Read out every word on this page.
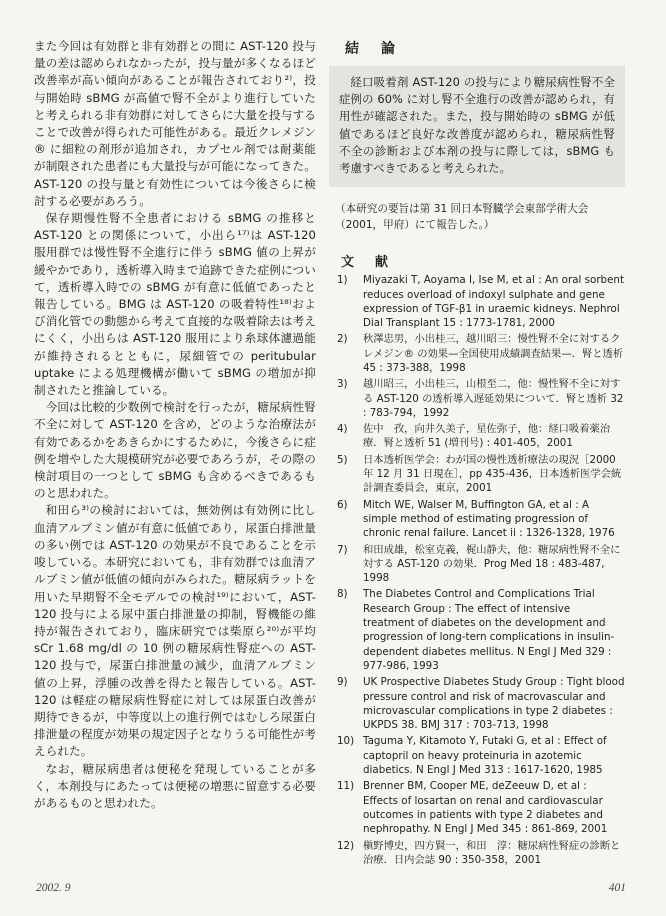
また今回は有効群と非有効群との間に AST-120 投与量の差は認められなかったが，投与量が多くなるほど改善率が高い傾向があることが報告されており²⁾，投与開始時 sBMG が高値で腎不全がより進行していたと考えられる非有効群に対してさらに大量を投与することで改善が得られた可能性がある。最近クレメジン® に細粒の剤形が追加され，カプセル剤では耐薬能が制限された患者にも大量投与が可能になってきた。AST-120 の投与量と有効性については今後さらに検討する必要があろう。

保存期慢性腎不全患者における sBMG の推移と AST-120 との関係について，小出ら¹⁷⁾は AST-120 服用群では慢性腎不全進行に伴う sBMG 値の上昇が緩やかであり，透析導入時まで追跡できた症例について，透析導入時での sBMG が有意に低値であったと報告している。BMG は AST-120 の吸着特性¹⁸⁾および消化管での動態から考えて直接的な吸着除去は考えにくく，小出らは AST-120 服用により糸球体濾過能が維持されるとともに，尿細管での peritubular uptake による処理機構が働いて sBMG の増加が抑制されたと推論している。

今回は比較的少数例で検討を行ったが，糖尿病性腎不全に対して AST-120 を含め，どのような治療法が有効であるかをあきらかにするために，今後さらに症例を増やした大規模研究が必要であろうが，その際の検討項目の一つとして sBMG も含めるべきであるものと思われた。

和田ら³⁾の検討においては，無効例は有効例に比し血清アルブミン値が有意に低値であり，尿蛋白排泄量の多い例では AST-120 の効果が不良であることを示唆している。本研究においても，非有効群では血清アルブミン値が低値の傾向がみられた。糖尿病ラットを用いた早期腎不全モデルでの検討¹⁹⁾において，AST-120 投与による尿中蛋白排泄量の抑制，腎機能の維持が報告されており，臨床研究では柴原ら²⁰⁾が平均 sCr 1.68 mg/dl の 10 例の糖尿病性腎症への AST-120 投与で，尿蛋白排泄量の減少，血清アルブミン値の上昇，浮腫の改善を得たと報告している。AST-120 は軽症の糖尿病性腎症に対しては尿蛋白改善が期待できるが，中等度以上の進行例ではむしろ尿蛋白排泄量の程度が効果の規定因子となりうる可能性が考えられた。

なお，糖尿病患者は便秘を発現していることが多く，本剤投与にあたっては便秘の増悪に留意する必要があるものと思われた。

結　論

経口吸着剤 AST-120 の投与により糖尿病性腎不全症例の 60% に対し腎不全進行の改善が認められ，有用性が確認された。また，投与開始時の sBMG が低値であるほど良好な改善度が認められ，糖尿病性腎不全の診断および本剤の投与に際しては，sBMG も考慮すべきであると考えられた。

（本研究の要旨は第 31 回日本腎臓学会東部学術大会（2001，甲府）にて報告した。）

文　献
1)	Miyazaki T, Aoyama I, Ise M, et al : An oral sorbent reduces overload of indoxyl sulphate and gene expression of TGF-β1 in uraemic kidneys. Nephrol Dial Transplant 15 : 1773-1781, 2000
2)	秋澤忠男，小出桂三，越川昭三：慢性腎不全に対するクレメジン® の効果—全国使用成績調査結果—．腎と透析 45 : 373-388，1998
3)	越川昭三，小出桂三，山根至二，他：慢性腎不全に対する AST-120 の透析導入遅延効果について．腎と透析 32 : 783-794，1992
4)	佐中　孜，向井久美子，星佐弥子，他：経口吸着薬治療．腎と透析 51 (増刊号) : 401-405，2001
5)	日本透析医学会：わが国の慢性透析療法の現況［2000 年 12 月 31 日現在］，pp 435-436，日本透析医学会統計調査委員会，東京，2001
6)	Mitch WE, Walser M, Buffington GA, et al : A simple method of estimating progression of chronic renal failure. Lancet ii : 1326-1328, 1976
7)	和田成雄，松室克義，梶山静夫，他：糖尿病性腎不全に対する AST-120 の効果．Prog Med 18 : 483-487, 1998
8)	The Diabetes Control and Complications Trial Research Group : The effect of intensive treatment of diabetes on the development and progression of long-tern complications in insulin-dependent diabetes mellitus. N Engl J Med 329 : 977-986, 1993
9)	UK Prospective Diabetes Study Group : Tight blood pressure control and risk of macrovascular and microvascular complications in type 2 diabetes : UKPDS 38. BMJ 317 : 703-713, 1998
10) Taguma Y, Kitamoto Y, Futaki G, et al : Effect of captopril on heavy proteinuria in azotemic diabetics. N Engl J Med 313 : 1617-1620, 1985
11) Brenner BM, Cooper ME, deZeeuw D, et al : Effects of losartan on renal and cardiovascular outcomes in patients with type 2 diabetes and nephropathy. N Engl J Med 345 : 861-869, 2001
12) 槇野博史，四方賢一，和田　淳：糖尿病性腎症の診断と治療．日内会誌 90 : 350-358，2001
2002. 9	401
